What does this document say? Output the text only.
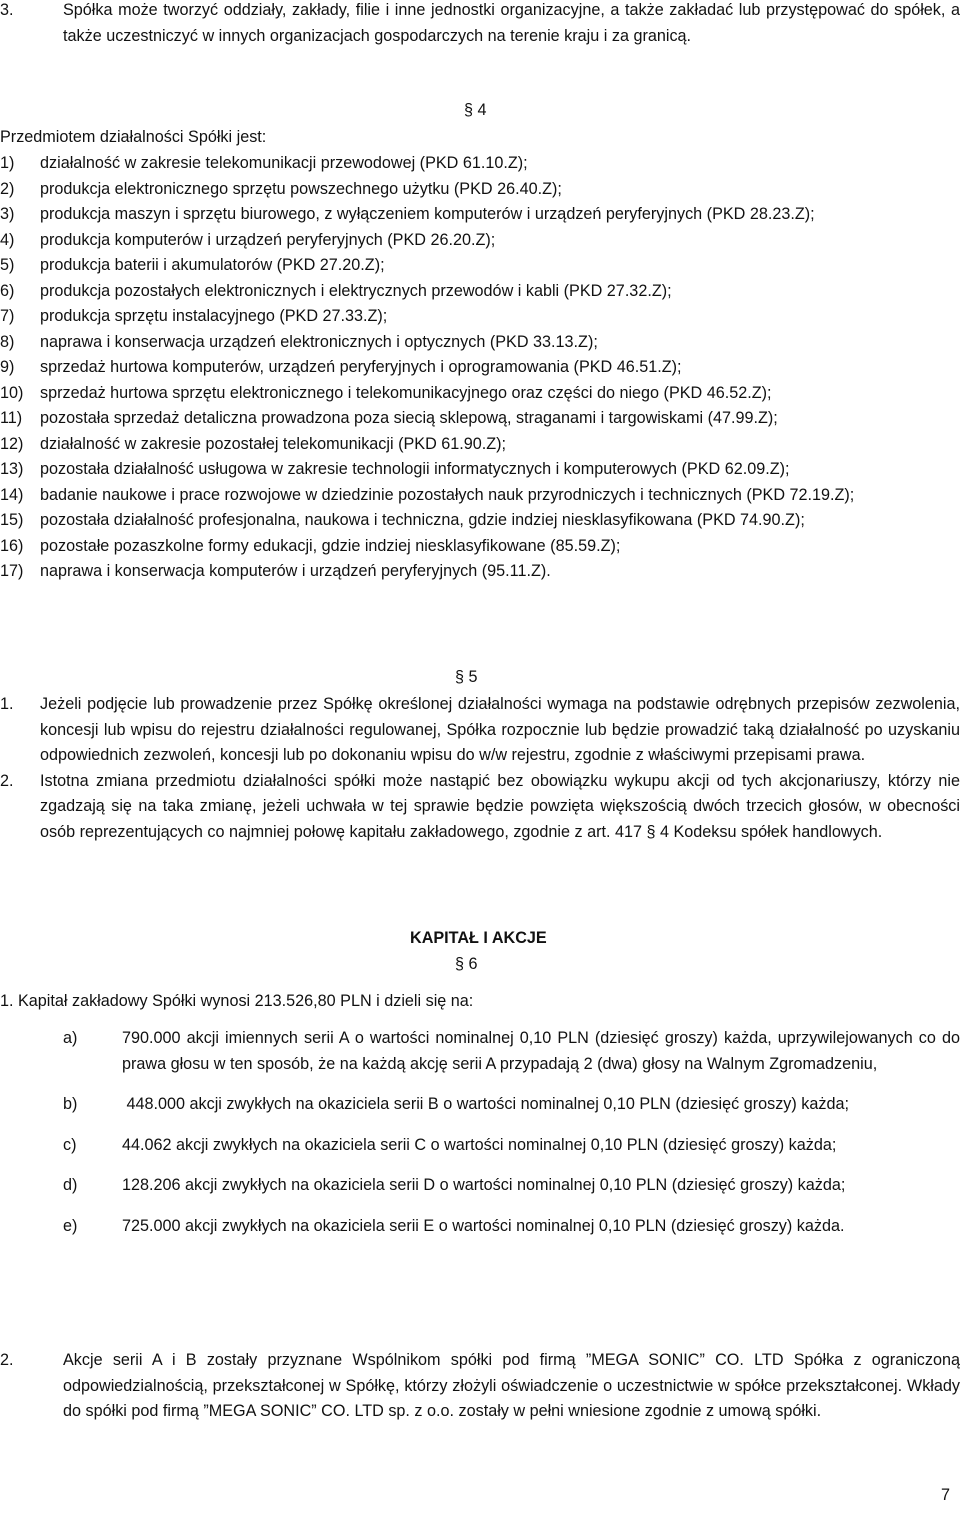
3.	Spółka może tworzyć oddziały, zakłady, filie i inne jednostki organizacyjne, a także zakładać lub przystępować do spółek, a także uczestniczyć w innych organizacjach gospodarczych na terenie kraju i za granicą.
§ 4
Przedmiotem działalności Spółki jest:
1)	działalność w zakresie telekomunikacji przewodowej (PKD 61.10.Z);
2)	produkcja elektronicznego sprzętu powszechnego użytku (PKD 26.40.Z);
3)	produkcja maszyn i sprzętu biurowego, z wyłączeniem komputerów i urządzeń peryferyjnych (PKD 28.23.Z);
4)	produkcja komputerów i urządzeń peryferyjnych (PKD 26.20.Z);
5)	produkcja baterii i akumulatorów (PKD 27.20.Z);
6)	produkcja pozostałych elektronicznych i elektrycznych przewodów i kabli (PKD 27.32.Z);
7)	produkcja sprzętu instalacyjnego (PKD 27.33.Z);
8)	naprawa i konserwacja urządzeń elektronicznych i optycznych (PKD 33.13.Z);
9)	sprzedaż hurtowa komputerów, urządzeń peryferyjnych i oprogramowania (PKD 46.51.Z);
10)	sprzedaż hurtowa sprzętu elektronicznego i telekomunikacyjnego oraz części do niego (PKD 46.52.Z);
11)	pozostała sprzedaż detaliczna prowadzona poza siecią sklepową, straganami i targowiskami (47.99.Z);
12)	działalność w zakresie pozostałej telekomunikacji (PKD 61.90.Z);
13)	pozostała działalność usługowa w zakresie technologii informatycznych i komputerowych (PKD 62.09.Z);
14)	badanie naukowe i prace rozwojowe w dziedzinie pozostałych nauk przyrodniczych i technicznych (PKD 72.19.Z);
15)	pozostała działalność profesjonalna, naukowa i techniczna, gdzie indziej niesklasyfikowana (PKD 74.90.Z);
16)	pozostałe pozaszkolne formy edukacji, gdzie indziej niesklasyfikowane (85.59.Z);
17)	naprawa i konserwacja komputerów i urządzeń peryferyjnych (95.11.Z).
§ 5
1.	Jeżeli podjęcie lub prowadzenie przez Spółkę określonej działalności wymaga na podstawie odrębnych przepisów zezwolenia, koncesji lub wpisu do rejestru działalności regulowanej, Spółka rozpocznie lub będzie prowadzić taką działalność po uzyskaniu odpowiednich zezwoleń, koncesji lub po dokonaniu wpisu do w/w rejestru, zgodnie z właściwymi przepisami prawa.
2.	Istotna zmiana przedmiotu działalności spółki może nastąpić bez obowiązku wykupu akcji od tych akcjonariuszy, którzy nie zgadzają się na taka zmianę, jeżeli uchwała w tej sprawie będzie powzięta większością dwóch trzecich głosów, w obecności osób reprezentujących co najmniej połowę kapitału zakładowego, zgodnie z art. 417 § 4 Kodeksu spółek handlowych.
KAPITAŁ I AKCJE
§ 6
1. Kapitał zakładowy Spółki wynosi 213.526,80 PLN i dzieli się na:
a)	790.000 akcji imiennych serii A o wartości nominalnej 0,10 PLN (dziesięć groszy) każda, uprzywilejowanych co do prawa głosu w ten sposób, że na każdą akcję serii A przypadają 2 (dwa) głosy na Walnym Zgromadzeniu,
b)	448.000 akcji zwykłych na okaziciela serii B o wartości nominalnej 0,10 PLN (dziesięć groszy) każda;
c)	44.062 akcji zwykłych na okaziciela serii C o wartości nominalnej 0,10 PLN (dziesięć groszy) każda;
d)	128.206 akcji zwykłych na okaziciela serii D o wartości nominalnej 0,10 PLN (dziesięć groszy) każda;
e)	725.000 akcji zwykłych na okaziciela serii E o wartości nominalnej 0,10 PLN (dziesięć groszy) każda.
2.	Akcje serii A i B zostały przyznane Wspólnikom spółki pod firmą ”MEGA SONIC” CO. LTD Spółka z ograniczoną odpowiedzialnością, przekształconej w Spółkę, którzy złożyli oświadczenie o uczestnictwie w spółce przekształconej. Wkłady do spółki pod firmą ”MEGA SONIC” CO. LTD sp. z o.o. zostały w pełni wniesione zgodnie z umową spółki.
7
